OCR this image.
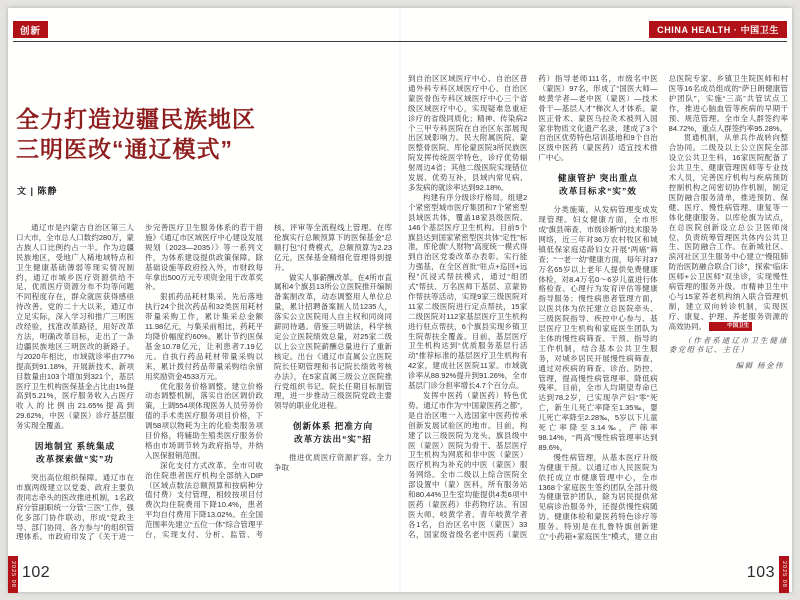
创新	CHINA HEALTH · 中国卫生
全力打造边疆民族地区
三明医改“通辽模式”
文 | 陈静

通辽市是内蒙古自治区第三人口大市，全市总人口数约280万，蒙古族人口比例约占一半。作为边疆民族地区，受地广人稀地域特点和卫生健康基础薄弱等现实情况制约，通辽市城乡医疗资源供给不足、优质医疗资源分布不均等问题不同程度存在，群众就医获得感亟待改善。党的二十大以来，通辽市立足实际，深入学习和推广三明医改经验，找准改革路径，用好改革方法，明确改革目标，走出了一条边疆民族地区三明医改的新路子。与2020年相比，市域就诊率由77%提高到91.18%，开展新技术、新项目数量由103个增加到321个，基层医疗卫生机构医保基金占比由1%提高到5.21%，医疗服务收入占医疗收入的比例由21.65%提高到29.62%，中医（蒙医）诊疗基层服务实现全覆盖。

因地制宜 系统集成
改革探索做“实”功

突出高位组织保障。通辽市在市旗两级建立以党委、政府主要负责同志牵头的医改推进机制，1名政府分管副职统一分管“三医”工作，强化多部门协作联动，形成“党政主导、部门协同、各方参与”的组织管理体系。市政府印发了《关于进一步完善医疗卫生服务体系的若干措施》《通辽市区域医疗中心建设发展规划（2023—2035）》等一系列文件，为体系建设提供政策保障。除基础设施等政府投入外，市财政每年拿出500万元专项资金用于改革奖补。

狠抓药品耗材集采。先后落地执行24个批次药品和32类医用耗材带量采购工作，累计集采总金额11.98亿元，与集采前相比，药耗平均降价幅度约60%。累计节约医保基金10.78亿元，让利患者7.19亿元。自执行药品耗材带量采购以来，累计拨付药品带量采购结余留用奖励资金4533万元。

优化服务价格调整。建立价格动态调整机制，落实自治区调价政策，上调554项体现医务人员劳务价值的手术类医疗服务项目价格，下调58项以物耗为主的化验类服务项目价格，将辅助生殖类医疗服务价格由市场调节转为政府指导，并纳入医保报销范围。

深化支付方式改革。全市可收治住院患者医疗机构全部纳入DIP（区域点数法总额预算和按病种分值付费）支付管理，相较按项目付费次均住院费用下降10.4%，患者平均自付费用下降13.02%。在全国范围率先建立“五位一体”综合管理平台，实现支付、分析、监管、考核、评审等全流程线上管理。在库伦旗实行总额预算下的医保基金“总额打包”付费模式，总额预算为2.23亿元，医保基金精细化管理得到提升。

做实人事薪酬改革。在4所市直属和4个旗县13所公立医院推开编制备案制改革，动态调整用人单位总量，累计招聘备案制人员1235人，落实公立医院用人自主权和同岗同薪同待遇。借鉴三明做法，科学核定公立医院绩效总量，对25家二级以上公立医院薪酬总量进行了重新核定。出台《通辽市直属公立医院院长任期管理和书记院长绩效考核办法》，在5家直属三级公立医院推行党组织书记、院长任期目标制管理，进一步推动三级医院党政主要领导的职业化进程。

创新体系 把准方向
改革方法出“实”招

推进优质医疗资源扩容。全力争取

到自治区区域医疗中心、自治区普通外科专科区域医疗中心、自治区蒙医骨伤专科区域医疗中心三个省级区域医疗中心，实现疑难急重症诊疗的省级同质化；精神、传染病2个三甲专科医院在自治区东部展现出区域影响力。民大附属医院、蒙医整骨医院、库伦蒙医院3所民族医院发挥传统医学特色，诊疗优势辐射周边4省；其他二级医院实现错位发展、优势互补，县域内常见病、多发病的就诊率达到92.18%。

构建有序分级诊疗格局。组建2个紧密型城市医疗集团和7个紧密型县域医共体，覆盖18家县级医院、146个基层医疗卫生机构。目前5个旗县达到国家紧密型医共体“定性”标准，库伦旗“人财物”高度统一模式得到自治区党委改革办表彰。实行能力强基，在全区首批“驻点+巡回+远程”沉浸式帮扶模式，通过“组团式”帮扶、万名医师下基层、京蒙协作帮扶等活动，实现9家三级医院对11家二级医院进行定点帮扶，15家二级医院对112家基层医疗卫生机构进行驻点帮扶，6个旗县实现乡镇卫生院帮扶全覆盖。目前，基层医疗卫生机构达到“优质服务基层行活动”推荐标准的基层医疗卫生机构有42家，建成社区医院11家。市域就诊率从88.92%提升到91.26%，全市基层门诊分担率增长4.7个百分点。

发挥中医药（蒙医药）特色优势。通辽市作为“中国蒙医药之都”，是自治区唯一入选国家中医药传承创新发展试验区的地市。目前，构建了以三级医院为龙头、旗县级中医（蒙医）医院为骨干、基层医疗卫生机构为网底和非中医（蒙医）医疗机构为补充的中医（蒙医）服务网络。全市二级以上综合医院全部设置中（蒙）医科，所有服务站和80.44%卫生室均能提供4类6项中医药（蒙医药）非药物疗法。有国医大师、岐黄学者、青年岐黄学者各1名，自治区名中医（蒙医）33名，国家级省级名老中医药（蒙医药）指导老师111名，市级名中医（蒙医）97名，形成了“国医大师—岐黄学者—老中医（蒙医）—技术骨干—基层人才”梯次人才体系。蒙医正骨术、蒙医乌拉灸术被列入国家非物质文化遗产名录，建成了3个自治区优势特色培训基地和9个自治区级中医药（蒙医药）适宜技术推广中心。

健康管护 突出重点
改革目标求“实”效

分类施策，从发病管理变成发现管理。妇女健康方面，全市形成“旗县筛查、市级诊断”的技术服务网络，近三年对36万农村牧区和城镇低保家庭适龄妇女开展“两癌”筛查；“一老一幼”健康方面，每年对37万名65岁以上老年人提供免费健康体检，对8.4万名0～6岁儿童进行体格检查、心理行为发育评估等健康指导服务；慢性病患者管理方面，以医共体为依托建立总医院牵头、三级医院指导、疾控中心参与、基层医疗卫生机构和家庭医生团队为主体的慢性病筛查、干预、指导的工作机制，结合基本公共卫生服务，对城乡居民开展慢性病筛查，通过对疾病的筛查、诊治、防控、管理，提高慢性病管理率、降低病残率。目前，全市人均期望寿命已达到78.2岁，已实现孕产妇“零”死亡，新生儿死亡率降至1.35‰，婴儿死亡率降至2.28‰，5岁以下儿童死亡率降至3.14‰，产筛率98.14%，“两高”慢性病管理率达到89.6%。

慢性病管理，从基本医疗升级为健康干预。以通辽市人民医院为依托成立市健康管理中心，全市1368个家庭医生签约团队全部升级为健康管护团队，除为居民提供常见病诊治服务外，还提供慢性病随访、健康体检和蒙医药特色诊疗等服务。特别是在扎鲁特旗创新建立“小药箱+家庭医生”模式，建立由总医院专家、乡镇卫生院医师和村医等16名成员组成的“萨日朗健康管护团队”，实施“三高”共管试点工作，推进心脑血管等疾病的早期干预、规范管理。全市全人群签约率84.72%，重点人群签约率95.28%。

贯通机制，从单兵作战转向整合协同。二级及以上公立医院全部设立公共卫生科，16家医院配备了公共卫生、健康管理医师等专业技术人员，完善医疗机构与疾病预防控制机构之间密切协作机制，制定医防融合服务清单，推进预防、保健、医疗、慢性病管理、康复等一体化健康服务。以库伦旗为试点，在总医院创新设立总公卫医师岗位，负责统筹管理医共体内公共卫生、医防融合工作。在新城社区、滨河社区卫生服务中心建立“慢阻肺防治医防融合联合门诊”，探索“临床医师+公卫医师”双坐诊，实现慢性病管理的服务升级。市精神卫生中心与15家养老机构纳入联合管理机制，建立双向转诊机制，实现医疗、康复、护理、养老服务资源的高效协同。	中国卫生

（作者系通辽市卫生健康委党组书记、主任）

编辑 杨金伟

2025 08 102	2025 08
103
